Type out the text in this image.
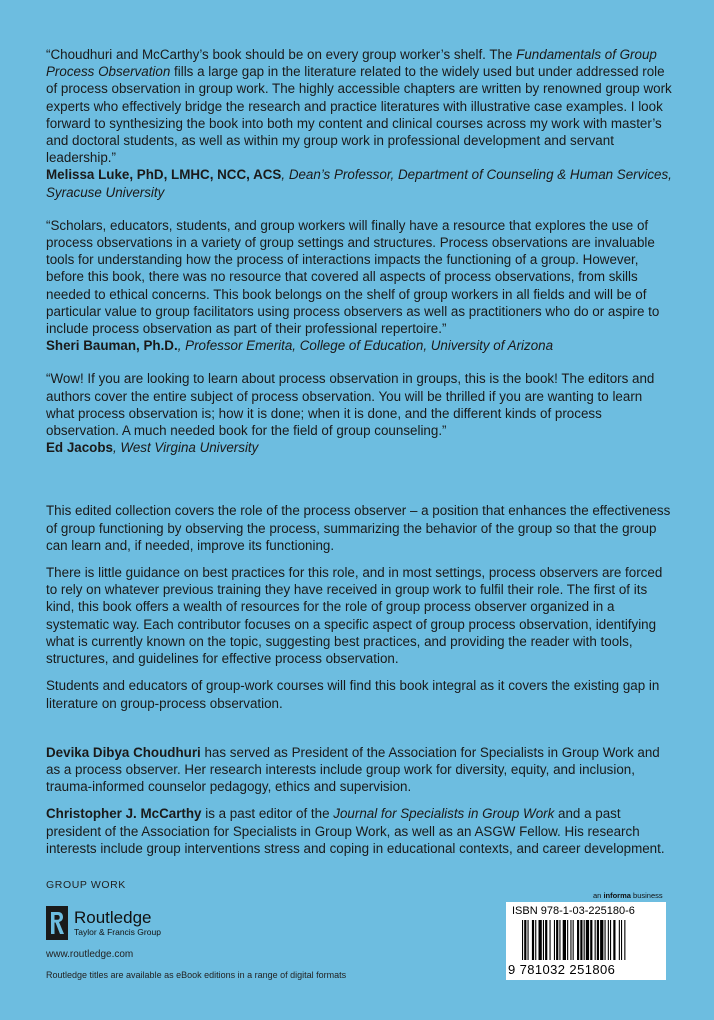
“Choudhuri and McCarthy’s book should be on every group worker’s shelf. The Fundamentals of Group Process Observation fills a large gap in the literature related to the widely used but under addressed role of process observation in group work. The highly accessible chapters are written by renowned group work experts who effectively bridge the research and practice literatures with illustrative case examples. I look forward to synthesizing the book into both my content and clinical courses across my work with master’s and doctoral students, as well as within my group work in professional development and servant leadership.”

Melissa Luke, PhD, LMHC, NCC, ACS, Dean’s Professor, Department of Counseling & Human Services, Syracuse University

“Scholars, educators, students, and group workers will finally have a resource that explores the use of process observations in a variety of group settings and structures. Process observations are invaluable tools for understanding how the process of interactions impacts the functioning of a group. However, before this book, there was no resource that covered all aspects of process observations, from skills needed to ethical concerns. This book belongs on the shelf of group workers in all fields and will be of particular value to group facilitators using process observers as well as practitioners who do or aspire to include process observation as part of their professional repertoire.”

Sheri Bauman, Ph.D., Professor Emerita, College of Education, University of Arizona

“Wow! If you are looking to learn about process observation in groups, this is the book! The editors and authors cover the entire subject of process observation. You will be thrilled if you are wanting to learn what process observation is; how it is done; when it is done, and the different kinds of process observation. A much needed book for the field of group counseling.”

Ed Jacobs, West Virgina University

This edited collection covers the role of the process observer – a position that enhances the effectiveness of group functioning by observing the process, summarizing the behavior of the group so that the group can learn and, if needed, improve its functioning.

There is little guidance on best practices for this role, and in most settings, process observers are forced to rely on whatever previous training they have received in group work to fulfil their role. The first of its kind, this book offers a wealth of resources for the role of group process observer organized in a systematic way. Each contributor focuses on a specific aspect of group process observation, identifying what is currently known on the topic, suggesting best practices, and providing the reader with tools, structures, and guidelines for effective process observation.

Students and educators of group-work courses will find this book integral as it covers the existing gap in literature on group-process observation.

Devika Dibya Choudhuri has served as President of the Association for Specialists in Group Work and as a process observer. Her research interests include group work for diversity, equity, and inclusion, trauma-informed counselor pedagogy, ethics and supervision.

Christopher J. McCarthy is a past editor of the Journal for Specialists in Group Work and a past president of the Association for Specialists in Group Work, as well as an ASGW Fellow. His research interests include group interventions stress and coping in educational contexts, and career development.

GROUP WORK
Routledge
Taylor & Francis Group
www.routledge.com
Routledge titles are available as eBook editions in a range of digital formats
an informa business
ISBN 978-1-03-225180-6
9 781032 251806
